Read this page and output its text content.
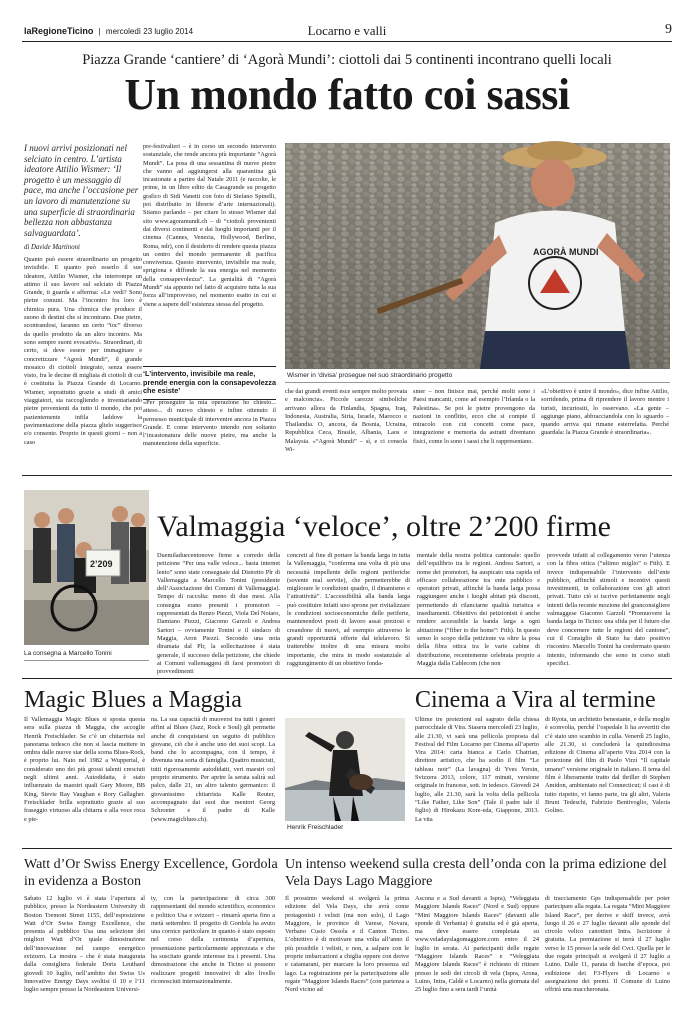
laRegioneTicino | mercoledì 23 luglio 2014	Locarno e valli	9
Piazza Grande ‘cantiere’ di ‘Agorà Mundi’: ciottoli dai 5 continenti incontrano quelli locali
Un mondo fatto coi sassi
I nuovi arrivi posizionati nel selciato in centro. L’artista ideatore Attilio Wismer: ‘Il progetto è un messaggio di pace, ma anche l’occasione per un lavoro di manutenzione su una superficie di straordinaria bellezza non abbastanza salvaguardata’.
di Davide Martinoni
Quanto può essere straordinario un progetto invisibile. E quanto può esserlo il suo ideatore, Attilio Wismer, che interrompe un attimo il suo lavoro sul selciato di Piazza Grande, ti guarda e afferma: «Le vedi? Sono pietre comuni. Ma l’incontro fra loro è chimica pura. Una chimica che produce il suono di destini che si incontrano. Due pietre, scontrandosi, faranno un certo “toc” diverso da quello prodotto da un altro incontro. Ma sono sempre suoni evocativi». Straordinari, di certo, si deve essere per immaginare e concretizzare “Agorà Mundi”, il grande mosaico di ciottoli integrato, senza essere visto, fra le decine di migliaia di ciottoli di cui è costituita la Piazza Grande di Locarno. Wismer, soprattutto grazie a studi di amici viaggiatori, sta raccogliendo e inventariando pietre provenienti da tutto il mondo, che poi pazientemente infila laddove la pavimentazione della piazza glielo suggerisce e/o consente. Proprio in questi giorni – non a caso
pre-festivalieri – è in corso un secondo intervento sostanziale, che rende ancora più importante “Agorà Mundi”. La posa di una sessantina di nuove pietre che vanno ad aggiungersi alla quarantina già incastonate a partire dal Natale 2011 (e raccolte, le prime, in un libro edito da Casagrande su progetto grafico di Sidi Vanetti con foto di Stefano Spinelli, poi distribuito in librerie d’arte internazionali). Stiamo parlando – per citare lo stesso Wismer dal sito www.agoramundi.ch – di “ciottoli provenienti dai diversi continenti e dai luoghi importanti per il cinema (Cannes, Venezia, Hollywood, Berlino, Roma, ndr), con il desiderio di rendere questa piazza un centro del mondo permanente di pacifica convivenza. Questo intervento, invisibile ma reale, sprigiona e diffonde la sua energia nel momento della consapevolezza”. La genialità di “Agorà Mundi” sta appunto nel fatto di acquisire tutta la sua forza all’improvviso, nel momento esatto in cui si viene a sapere dell’esistenza stessa del progetto.
‘L’intervento, invisibile ma reale, prende energia con la consapevolezza che esiste’
«Per proseguire la mia operazione ho chiesto... atteso... di nuovo chiesto e infine ottenuto il permesso municipale di intervenire ancora in Piazza Grande. E come intervento intendo non soltanto l’incastonatura delle nuove pietre, ma anche la manutenzione della superficie.
AGORÀ MUNDI
Wismer in ‘divisa’ prosegue nel suo straordinario progetto
che dai grandi eventi esce sempre molto provata e malconcia». Piccole carezze simboliche arrivano allora da Finlandia, Spagna, Iraq, Indonesia, Australia, Siria, Israele, Marocco e Thailandia. O, ancora, da Bosnia, Ucraina, Repubblica Ceca, Brasile, Albania, Laos e Malaysia. «“Agorà Mundi” – sì, e ci consola Wi-
smer – non finisce mai, perché molti sono i Paesi mancanti, come ad esempio l’Irlanda o la Palestina». Se poi le pietre provengono da nazioni in conflitto, ecco che si compie il miracolo con cui concetti come pace, integrazione e memoria da astratti diventano fisici, come lo sono i sassi che li rappresentano.
«L’obiettivo è unire il mondo», dice infine Attilio, sorridendo, prima di riprendere il lavoro mentre i turisti, incuriositi, lo osservano. «La gente – aggiunge piano, abbracciandola con lo sguardo – quando arriva qui rimane esterrefatta. Perché guardala: la Piazza Grande è straordinaria».
2’209
La consegna a Marcello Tonini
Valmaggia ‘veloce’, oltre 2’200 firme
Duemiladuecentonove firme a corredo della petizione “Per una valle veloce... basta internet lento” sono state consegnate dal Distretto Plr di Vallemaggia a Marcello Tonini (presidente dell’Associazione dei Comuni di Vallemaggia). Tempo di raccolta: meno di due mesi. Alla consegna erano presenti i promotori – rappresentati da Renzo Piezzi, Viola Del Notaro, Damiano Piezzi, Giacomo Garzoli e Andrea Sartori – ovviamente Tonini e il sindaco di Maggia, Aron Piezzi. Secondo una nota diramata dal Plr, la sollecitazione è stata generale, il successo della petizione, che chiede ai Comuni vallemaggesi di farsi promotori di provvedimenti
concreti al fine di portare la banda larga in tutta la Vallemaggia, “conferma una volta di più una necessità impellente delle regioni periferiche (sovente mal servite), che permetterebbe di migliorare le condizioni quadro, il dinamismo e l’attrattività”. L’accessibilità alla banda larga può costituire infatti uno sprone per rivitalizzare le condizioni socioeconomiche delle periferie, mantenendovi posti di lavoro assai preziosi e creandone di nuovi, ad esempio attraverso le grandi opportunità offerte dal telelavoro. Si tratterebbe inoltre di una misura molto importante, che mira in modo sostanziale al raggiungimento di un obiettivo fonda-
mentale della nostra politica cantonale: quello dell’equilibrio tra le regioni. Andrea Sartori, a nome dei promotori, ha auspicato una rapida ed efficace collaborazione tra ente pubblico e operatori privati, affinché la banda larga possa raggiungere anche i luoghi abitati più discosti, permettendo di rilanciarne qualità turistica e insediamenti. Obiettivo dei petizionisti è anche rendere accessibile la banda larga a ogni abitazione (“fiber to the home”: Ftth). In questo senso lo scopo della petizione va oltre la posa della fibra ottica tra le varie cabine di distribuzione, recentemente celebrata proprio a Maggia dalla Cablecom (che non
provvede infatti al collegamento verso l’utenza con la fibra ottica (“ultimo miglio” o Ftth). E invece indispensabile l’intervento dell’ente pubblico, affinché stimoli e incentivi questi investimenti, in collaborazione con gli attori privati. Tutto ciò si iscrive perfettamente negli intenti della recente mozione del granconsigliere valmaggese Giacomo Garzoli “Promuovere la banda larga in Ticino: una sfida per il futuro che deve concernere tutte le regioni del cantone”, cui il Consiglio di Stato ha dato positivo riscontro. Marcello Tonini ha confermato questo intento, informando che sono in corso studi specifici.
Magic Blues a Maggia
Il Vallemaggia Magic Blues si sposta questa sera sulla piazza di Maggia, che accoglie Henrik Freischlader. Se c’è un chitarrista nel panorama tedesco che non si lascia mettere in ombra dalle nuove star della scena Blues-Rock, è proprio lui. Nato nel 1982 a Wuppertal, è considerato uno dei più grossi talenti cresciuti negli ultimi anni. Autodidatta, è stato influenzato da maestri quali Gary Moore, BB King, Stevie Ray Vaughan e Rory Gallagher. Freischlader brilla soprattutto grazie al suo fraseggio virtuoso alla chitarra e alla voce roca e pie-
na. La sua capacità di muoversi tra tutti i generi affini al Blues (Jazz, Rock e Soul) gli permette anche di conquistarsi un seguito di pubblico giovane, ciò che è anche uno dei suoi scopi. La band che lo accompagna, con il tempo, è divenuta una sorta di famiglia. Quattro musicisti, tutti rigorosamente autodidatti, veri maestri col proprio strumento. Per aprire la serata salirà sul palco, dalle 21, un altro talento germanico: il giovanissimo chitarrista Kalle Reuter, accompagnato dai suoi due mentori Georg Schroeter e il padre di Kalle (www.magicblues.ch).
Henrik Freischlader
Cinema a Vira al termine
Ultime tre proiezioni sul sagrato della chiesa parrocchiale di Vira. Stasera mercoledì 23 luglio, alle 21.30, vi sarà una pellicola proposta dal Festival del Film Locarno per Cinema all’aperto Vira 2014: carta bianca a Carlo Chatrian, direttore artistico, che ha scelto il film “Le tableau noir” (La lavagna) di Yves Yersin, Svizzera 2013, colore, 117 minuti, versione originale in francese, sott. in tedesco. Giovedì 24 luglio, alle 21.30, sarà la volta della pellicola “Like Father, Like Son” (Tale il padre tale il figlio) di Hirokazu Kore-eda, Giappone, 2013. La vita
di Ryota, un architetto benestante, e della moglie è sconvolta, perché l’ospedale li ha avvertiti che c’è stato uno scambio in culla. Venerdì 25 luglio, alle 21.30, si concluderà la quindicesima edizione di Cinema all’aperto Vira 2014 con la proiezione del film di Paolo Virzì “Il capitale umano” versione originale in italiano. Il tema del film è liberamente tratto dal thriller di Stephen Amidon, ambientato nel Connecticut; il cast è di tutto rispetto, vi fanno parte, tra gli altri, Valeria Bruni Tedeschi, Fabrizio Bentivoglio, Valeria Golino.
Watt d’Or Swiss Energy Excellence, Gordola in evidenza a Boston
Sabato 12 luglio vi è stata l’apertura al pubblico, presso la Nordeastern University di Boston Tremont Street 1155, dell’esposizione Watt d’Or Swiss Energy Excellence, che presenta al pubblico Usa una selezione dei migliori Watt d’Or quale dimostrazione dell’innovazione nel campo energetico svizzero. La mostra – che è stata inaugurata dalla consigliera federale Doris Leuthard giovedì 10 luglio, nell’ambito dei Swiss Us Innovative Energy Days svoltisi il 10 e l’11 luglio sempre presso la Nordeastern Universi-
ty, con la partecipazione di circa 300 rappresentanti del mondo scientifico, economico e politico Usa e svizzeri – rimarrà aperta fino a metà settembre. Il progetto di Gordola ha avuto una cornice particolare in quanto è stato esposto nel corso della cerimonia d’apertura, presentazione particolarmente apprezzata e che ha suscitato grande interesse tra i presenti. Una dimostrazione che anche in Ticino si possono realizzare progetti innovativi di alto livello riconosciuti internazionalmente.
Un intenso weekend sulla cresta dell’onda con la prima edizione del Vela Days Lago Maggiore
Il prossimo weekend si svolgerà la prima edizione del Vela Days, che avrà come protagonisti i velisti (ma non solo), il Lago Maggiore, le province di Varese, Novara, Verbano Cusio Ossola e il Canton Ticino. L’obiettivo è di motivare una volta all’anno il più possibile i velisti, e non, a salpare con le proprie imbarcazioni a chiglia oppure con derive e catamarani, per marcare la loro presenza sul lago. La registrazione per la partecipazione alle regate “Maggiore Islands Races” (con partenza a Nord vicino ad
Ascona e a Sud davanti a Ispra), “Veleggiata Maggiore Islands Races” (Nord e Sud) oppure “Mini Maggiore Islands Races” (davanti alle sponde di Verbania) è gratuita ed è già aperta, ma deve essere completata su www.veladayslagomaggiore.com entro il 24 luglio in serata. Ai partecipanti delle regate “Maggiore Islands Races” e “Veleggiata Maggiore Islands Races” è richiesto di ritirare presso le sedi dei circoli di vela (Ispra, Arona, Luino, Intra, Caldè e Locarno) nella giornata del 25 luglio fino a sera tardi l’unità
di tracciamento Gps indispensabile per poter partecipare alla regata. La regata “Mini Maggiore Island Race”, per derive e skiff invece, avrà luogo il 26 e 27 luglio davanti alle sponde del circolo velico canottieri Intra. Iscrizione è gratuita. La premiazione si terrà il 27 luglio verso le 15 presso la sede del Cvci. Quella per le due regate principali si svolgerà il 27 luglio a Luino. Dalle 11, parata di barche d’epoca, poi esibizione dei F3-Flyers di Locarno e assegnazione dei premi. Il Comune di Luino offrirà una maccheronata.
